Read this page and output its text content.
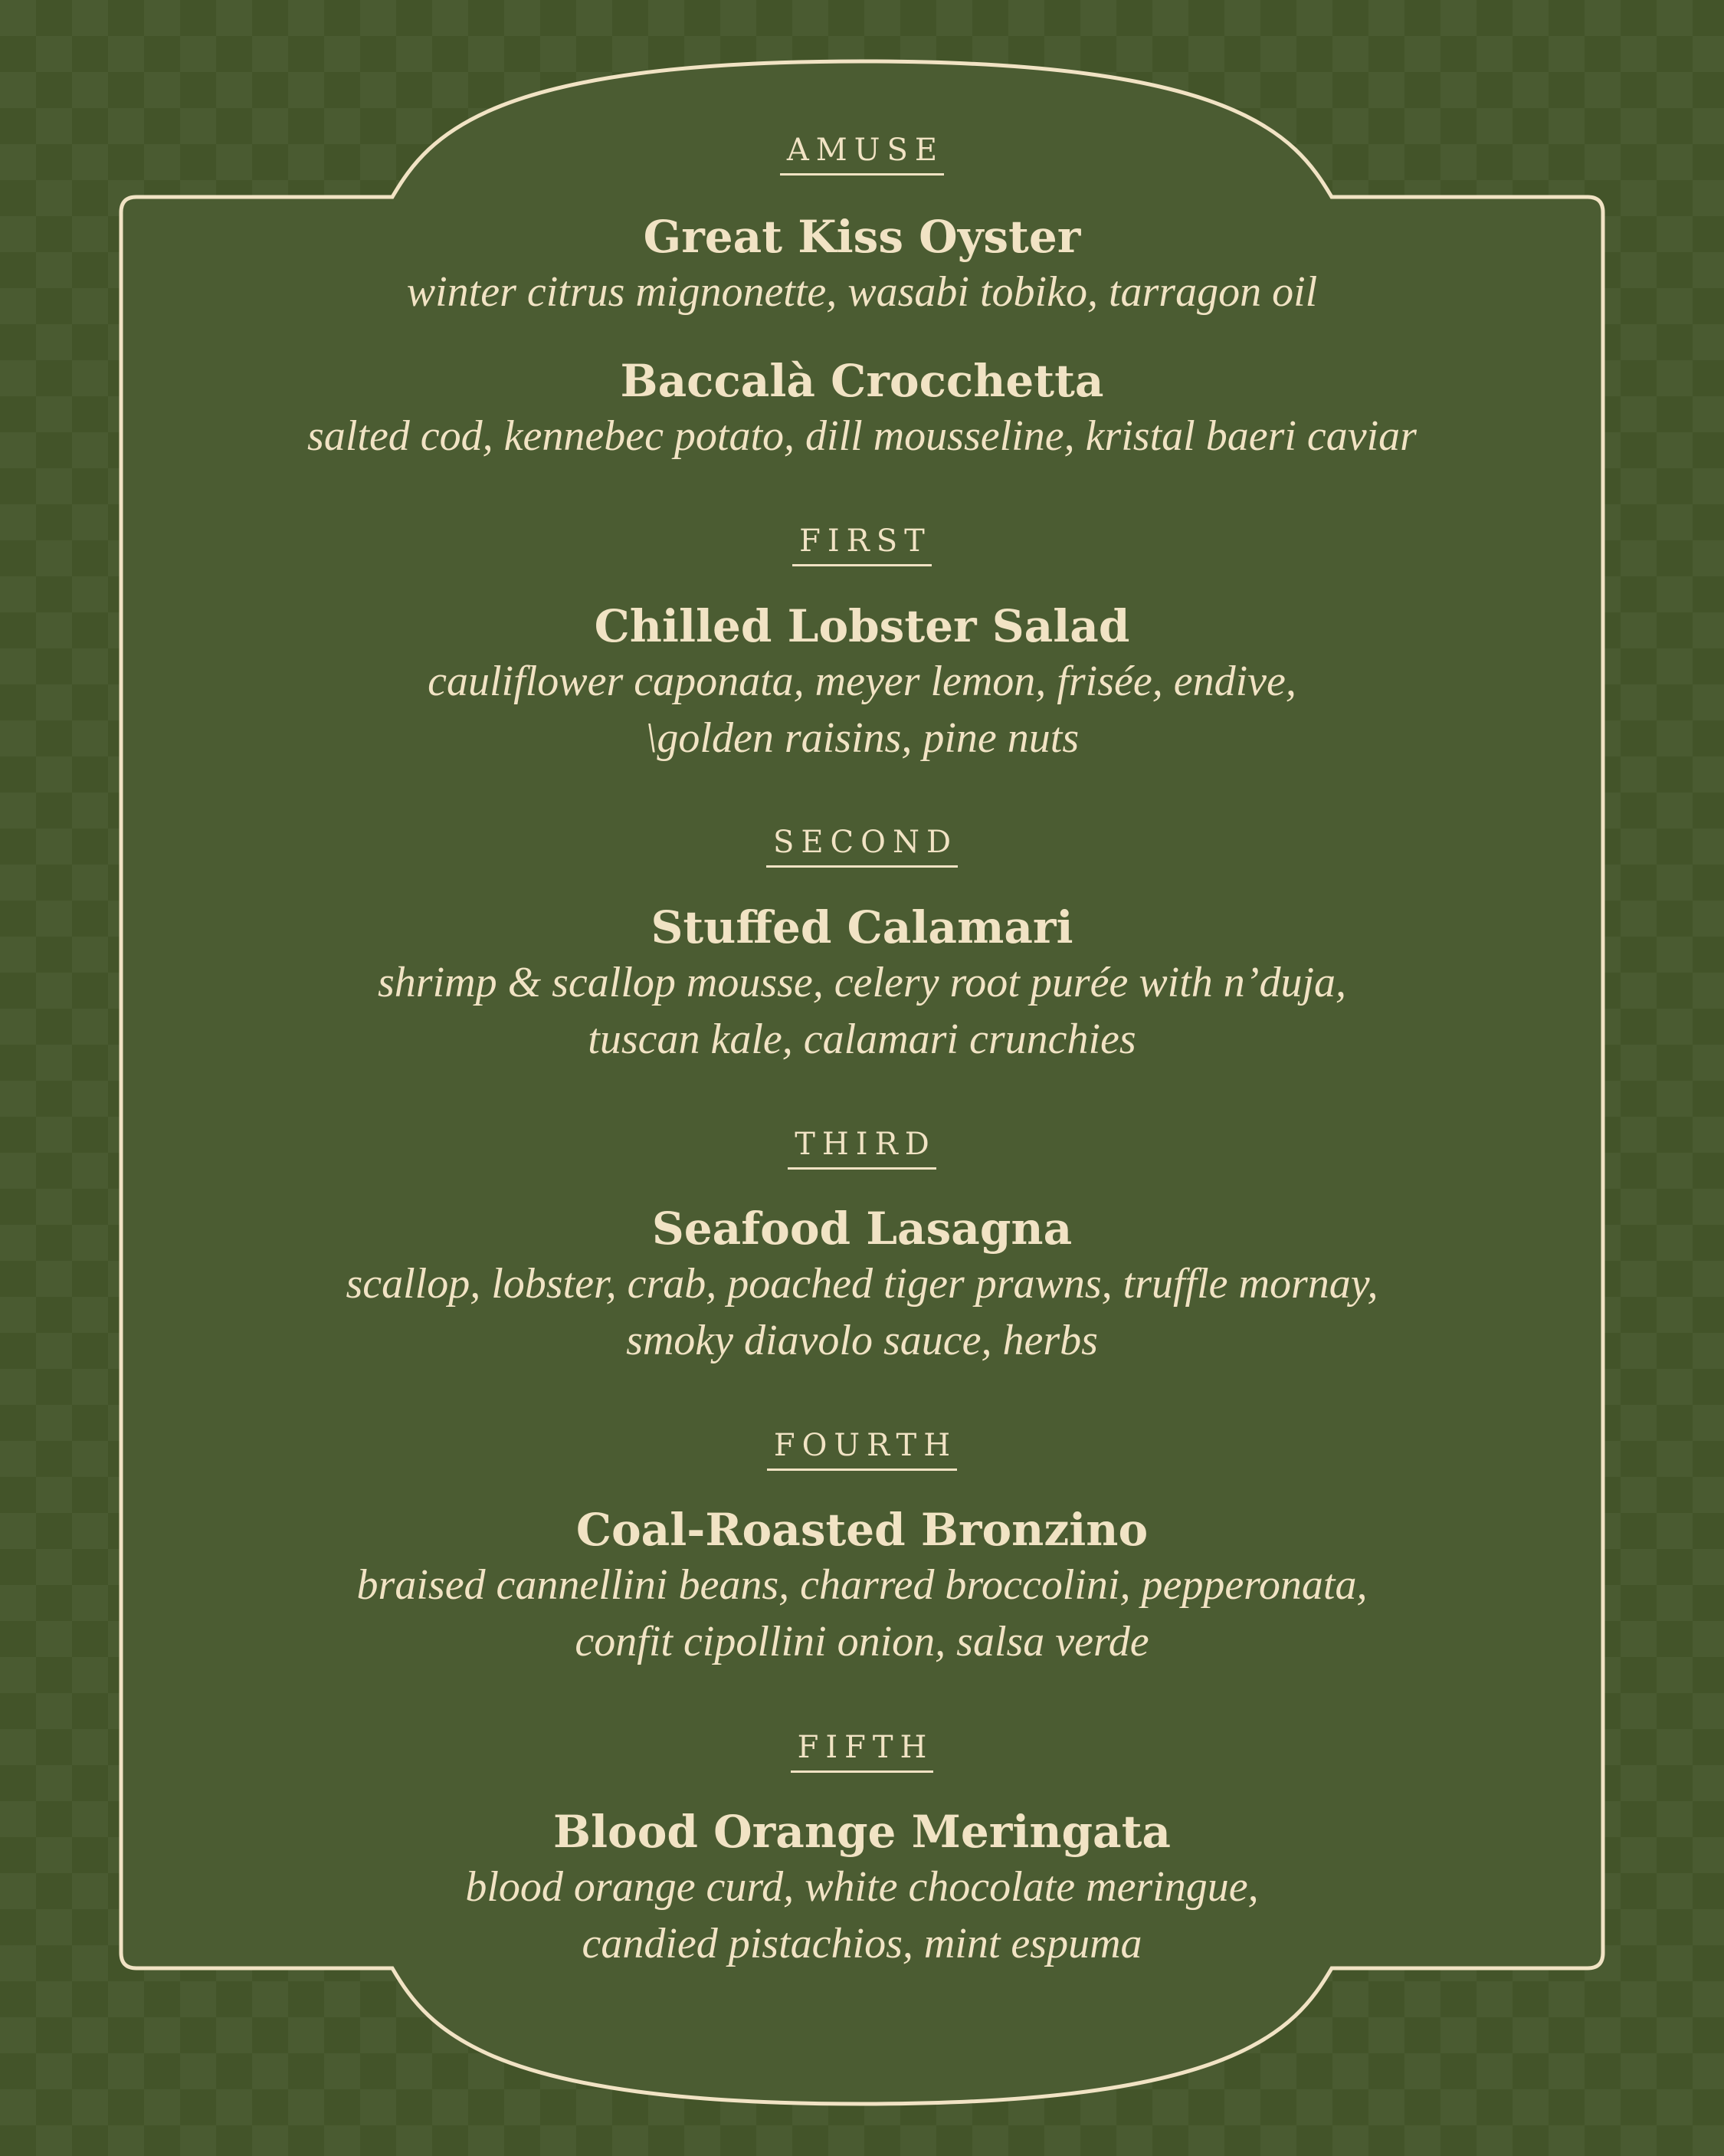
AMUSE
Great Kiss Oyster
winter citrus mignonette, wasabi tobiko, tarragon oil
Baccalà Crocchetta
salted cod, kennebec potato, dill mousseline, kristal baeri caviar
FIRST
Chilled Lobster Salad
cauliflower caponata, meyer lemon, frisée, endive,
\golden raisins, pine nuts
SECOND
Stuffed Calamari
shrimp & scallop mousse, celery root purée with n’duja,
tuscan kale, calamari crunchies
THIRD
Seafood Lasagna
scallop, lobster, crab, poached tiger prawns, truffle mornay,
smoky diavolo sauce, herbs
FOURTH
Coal-Roasted Bronzino
braised cannellini beans, charred broccolini, pepperonata,
confit cipollini onion, salsa verde
FIFTH
Blood Orange Meringata
blood orange curd, white chocolate meringue,
candied pistachios, mint espuma
